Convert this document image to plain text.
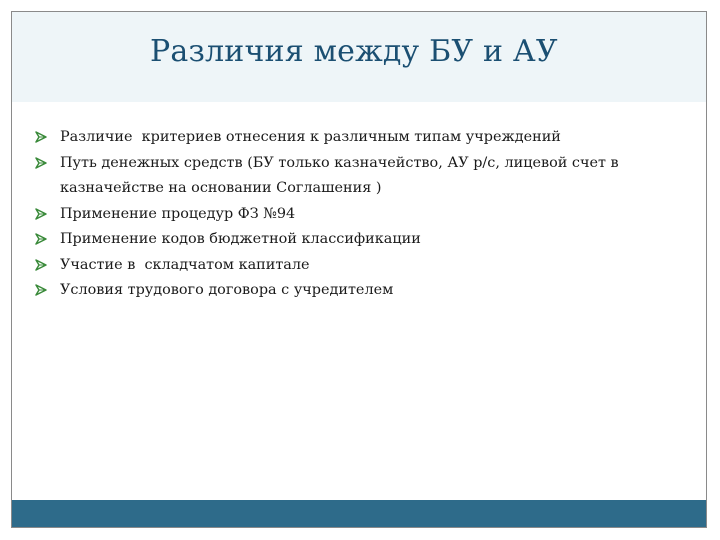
Различия между БУ и АУ
Различие  критериев отнесения к различным типам учреждений
Путь денежных средств (БУ только казначейство, АУ р/с, лицевой счет в казначействе на основании Соглашения )
Применение процедур ФЗ №94
Применение кодов бюджетной классификации
Участие в  складчатом капитале
Условия трудового договора с учредителем
